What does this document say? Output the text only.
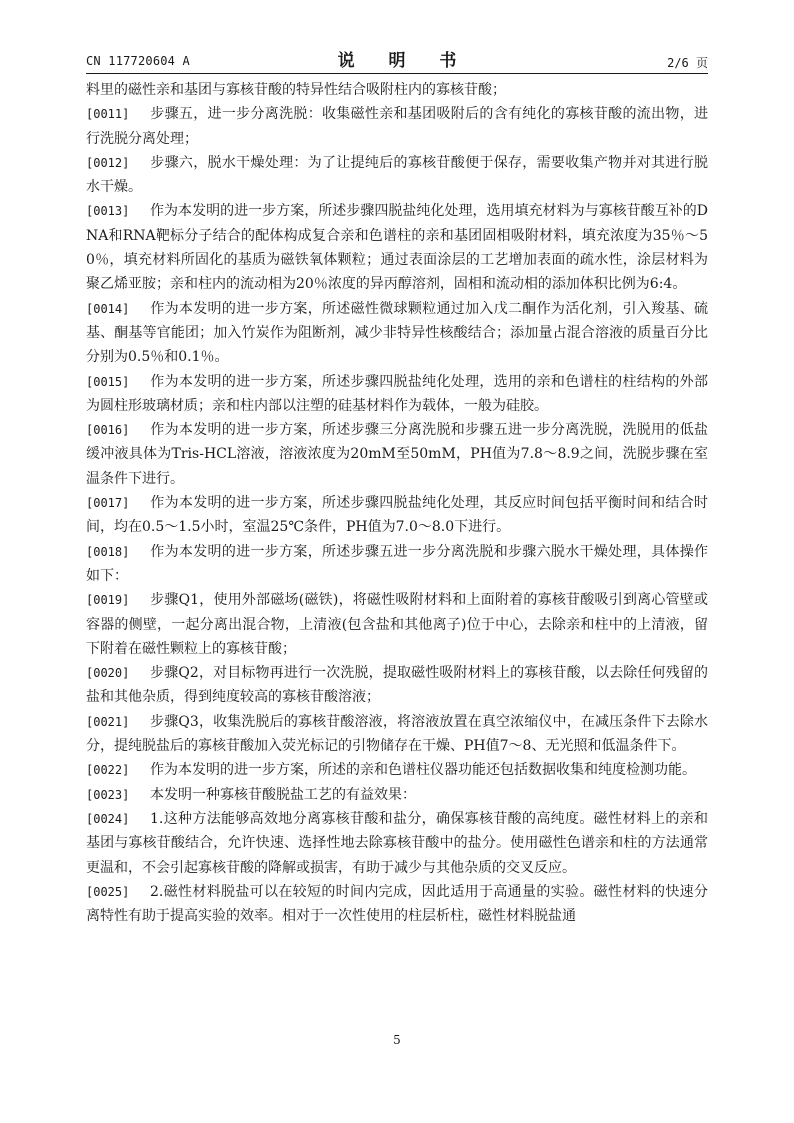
CN 117720604 A	说 明 书	2/6 页

料里的磁性亲和基团与寡核苷酸的特异性结合吸附柱内的寡核苷酸；

[0011] 步骤五，进一步分离洗脱：收集磁性亲和基团吸附后的含有纯化的寡核苷酸的流出物，进行洗脱分离处理；

[0012] 步骤六，脱水干燥处理：为了让提纯后的寡核苷酸便于保存，需要收集产物并对其进行脱水干燥。

[0013] 作为本发明的进一步方案，所述步骤四脱盐纯化处理，选用填充材料为与寡核苷酸互补的DNA和RNA靶标分子结合的配体构成复合亲和色谱柱的亲和基团固相吸附材料，填充浓度为35％～50％，填充材料所固化的基质为磁铁氧体颗粒；通过表面涂层的工艺增加表面的疏水性，涂层材料为聚乙烯亚胺；亲和柱内的流动相为20％浓度的异丙醇溶剂，固相和流动相的添加体积比例为6:4。

[0014] 作为本发明的进一步方案，所述磁性微球颗粒通过加入戊二酮作为活化剂，引入羧基、硫基、酮基等官能团；加入竹炭作为阻断剂，减少非特异性核酸结合；添加量占混合溶液的质量百分比分别为0.5％和0.1％。

[0015] 作为本发明的进一步方案，所述步骤四脱盐纯化处理，选用的亲和色谱柱的柱结构的外部为圆柱形玻璃材质；亲和柱内部以注塑的硅基材料作为载体，一般为硅胶。

[0016] 作为本发明的进一步方案，所述步骤三分离洗脱和步骤五进一步分离洗脱，洗脱用的低盐缓冲液具体为Tris-HCL溶液，溶液浓度为20mM至50mM，PH值为7.8～8.9之间，洗脱步骤在室温条件下进行。

[0017] 作为本发明的进一步方案，所述步骤四脱盐纯化处理，其反应时间包括平衡时间和结合时间，均在0.5～1.5小时，室温25℃条件，PH值为7.0～8.0下进行。

[0018] 作为本发明的进一步方案，所述步骤五进一步分离洗脱和步骤六脱水干燥处理，具体操作如下：

[0019] 步骤Q1，使用外部磁场(磁铁)，将磁性吸附材料和上面附着的寡核苷酸吸引到离心管壁或容器的侧壁，一起分离出混合物，上清液(包含盐和其他离子)位于中心，去除亲和柱中的上清液，留下附着在磁性颗粒上的寡核苷酸；

[0020] 步骤Q2，对目标物再进行一次洗脱，提取磁性吸附材料上的寡核苷酸，以去除任何残留的盐和其他杂质，得到纯度较高的寡核苷酸溶液；

[0021] 步骤Q3，收集洗脱后的寡核苷酸溶液，将溶液放置在真空浓缩仪中，在减压条件下去除水分，提纯脱盐后的寡核苷酸加入荧光标记的引物储存在干燥、PH值7～8、无光照和低温条件下。

[0022] 作为本发明的进一步方案，所述的亲和色谱柱仪器功能还包括数据收集和纯度检测功能。

[0023] 本发明一种寡核苷酸脱盐工艺的有益效果：

[0024] 1.这种方法能够高效地分离寡核苷酸和盐分，确保寡核苷酸的高纯度。磁性材料上的亲和基团与寡核苷酸结合，允许快速、选择性地去除寡核苷酸中的盐分。使用磁性色谱亲和柱的方法通常更温和，不会引起寡核苷酸的降解或损害，有助于减少与其他杂质的交叉反应。

[0025] 2.磁性材料脱盐可以在较短的时间内完成，因此适用于高通量的实验。磁性材料的快速分离特性有助于提高实验的效率。相对于一次性使用的柱层析柱，磁性材料脱盐通

5
